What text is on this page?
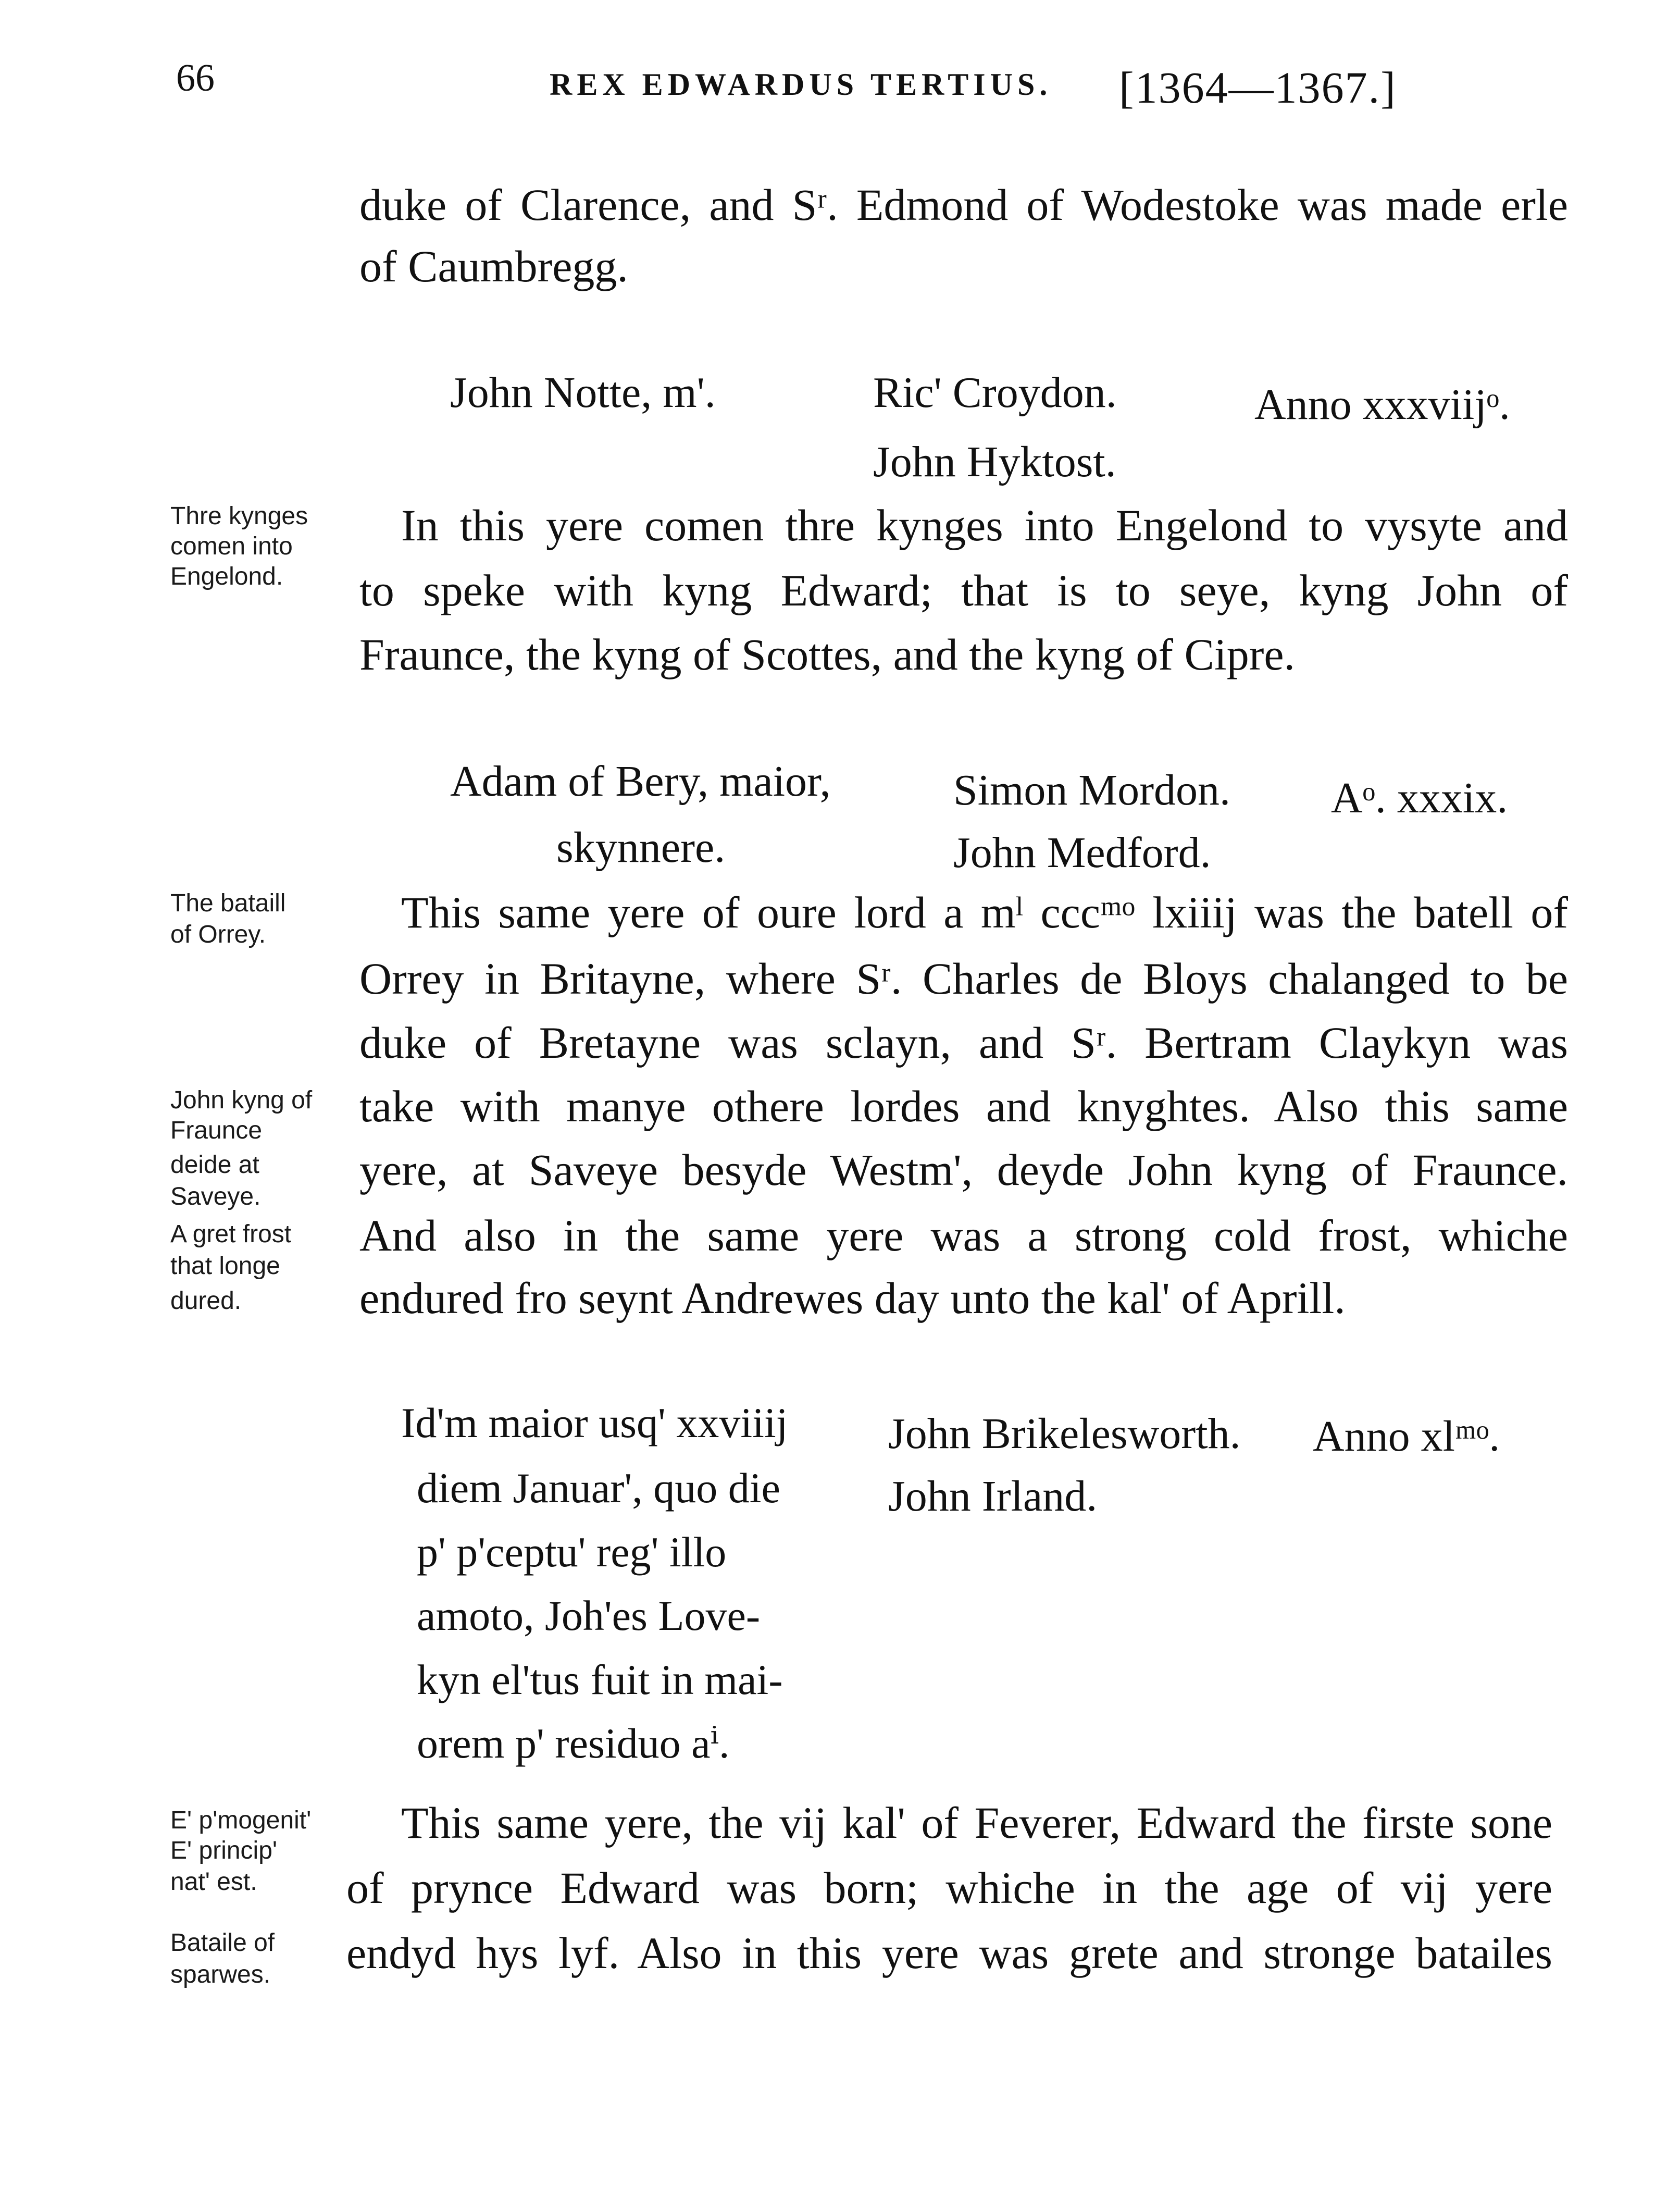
66	REX EDWARDUS TERTIUS. [1364—1367.]
duke of Clarence, and Sʳ. Edmond of Wodestoke was made erle
of Caumbregg.
John Notte, m'.	Ric' Croydon.
John Hyktost.
Anno xxxviijᵒ.
Thre kynges
comen into
Engelond.
In this yere comen thre kynges into Engelond to vysyte and
to speke with kyng Edward; that is to seye, kyng John of
Fraunce, the kyng of Scottes, and the kyng of Cipre.
Adam of Bery, maior,
skynnere.
Simon Mordon.
John Medford.
Aᵒ. xxxix.
The bataill
of Orrey.
John kyng of
Fraunce
deide at
Saveye.
A gret frost
that longe
dured.
This same yere of oure lord a mˡ cccᵐᵒ lxiiij was the batell of
Orrey in Britayne, where Sʳ. Charles de Bloys chalanged to be
duke of Bretayne was sclayn, and Sʳ. Bertram Claykyn was
take with manye othere lordes and knyghtes. Also this same
yere, at Saveye besyde Westm', deyde John kyng of Fraunce.
And also in the same yere was a strong cold frost, whiche
endured fro seynt Andrewes day unto the kal' of Aprill.
Id'm maior usq' xxviiij
diem Januar', quo die
p' p'ceptu' reg' illo
amoto, Joh'es Love-
kyn el'tus fuit in mai-
orem p' residuo aⁱ.
John Brikelesworth.
John Irland.
Anno xlᵐᵒ.
E' p'mogenit'
E' princip'
nat' est.
Bataile of
sparwes.
This same yere, the vij kal' of Feverer, Edward the firste sone
of prynce Edward was born; whiche in the age of vij yere
endyd hys lyf. Also in this yere was grete and stronge batailes
